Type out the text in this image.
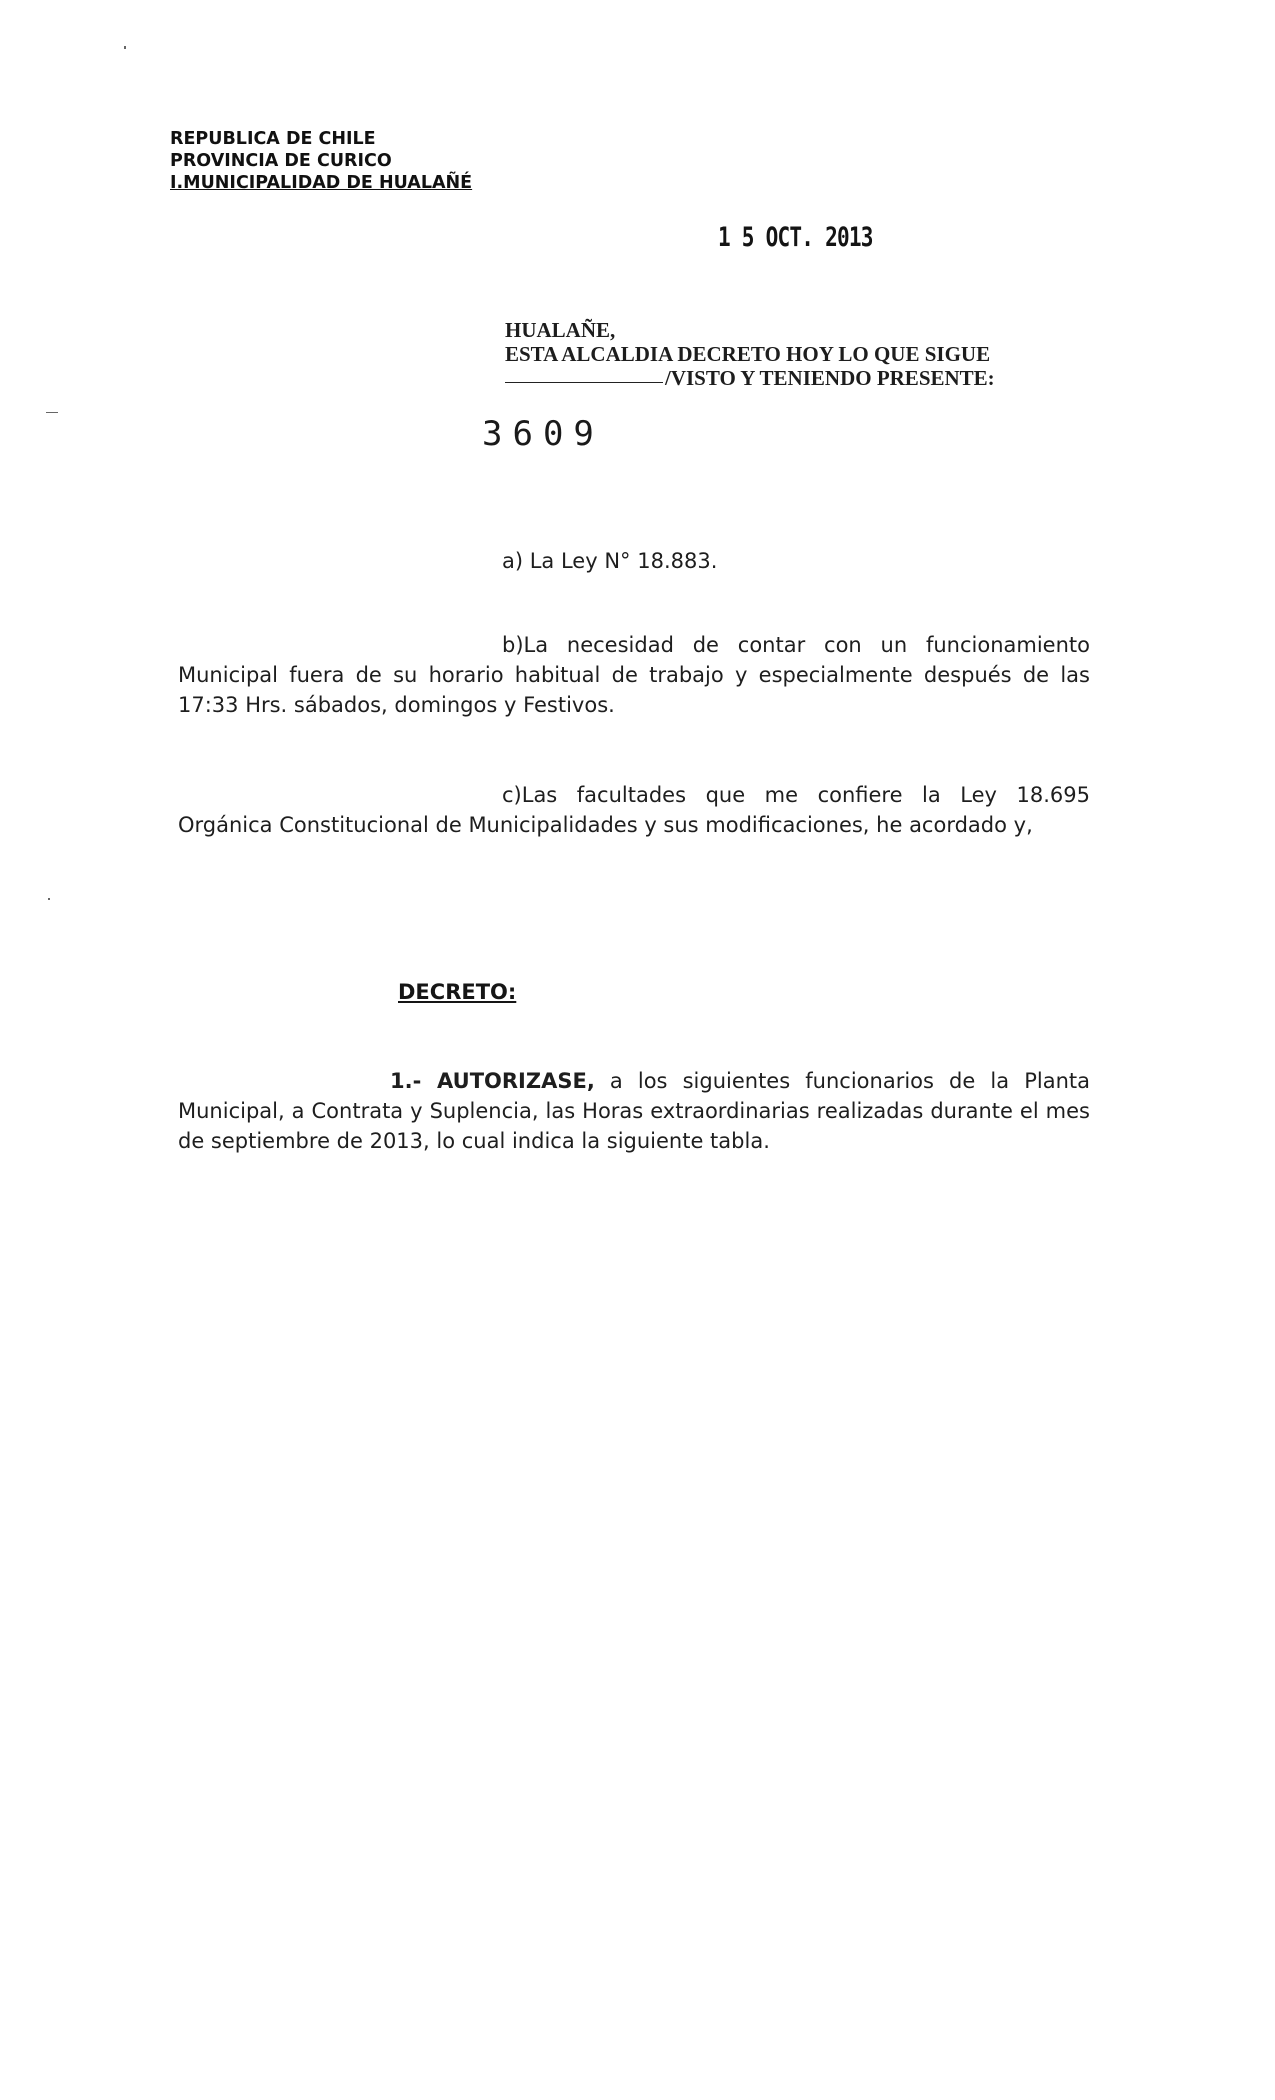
REPUBLICA DE CHILE
PROVINCIA DE CURICO
I.MUNICIPALIDAD DE HUALAÑÉ
1 5 OCT. 2013
HUALAÑE,
ESTA ALCALDIA DECRETO HOY LO QUE SIGUE
/VISTO Y TENIENDO PRESENTE:
3609
a) La Ley N° 18.883.
b)La necesidad de contar con un funcionamiento Municipal fuera de su horario habitual de trabajo y especialmente después de las 17:33 Hrs. sábados, domingos y Festivos.
c)Las facultades que me confiere la Ley 18.695 Orgánica Constitucional de Municipalidades y sus modificaciones, he acordado y,
DECRETO:
1.- AUTORIZASE, a los siguientes funcionarios de la Planta Municipal, a Contrata y Suplencia, las Horas extraordinarias realizadas durante el mes de septiembre de 2013, lo cual indica la siguiente tabla.
